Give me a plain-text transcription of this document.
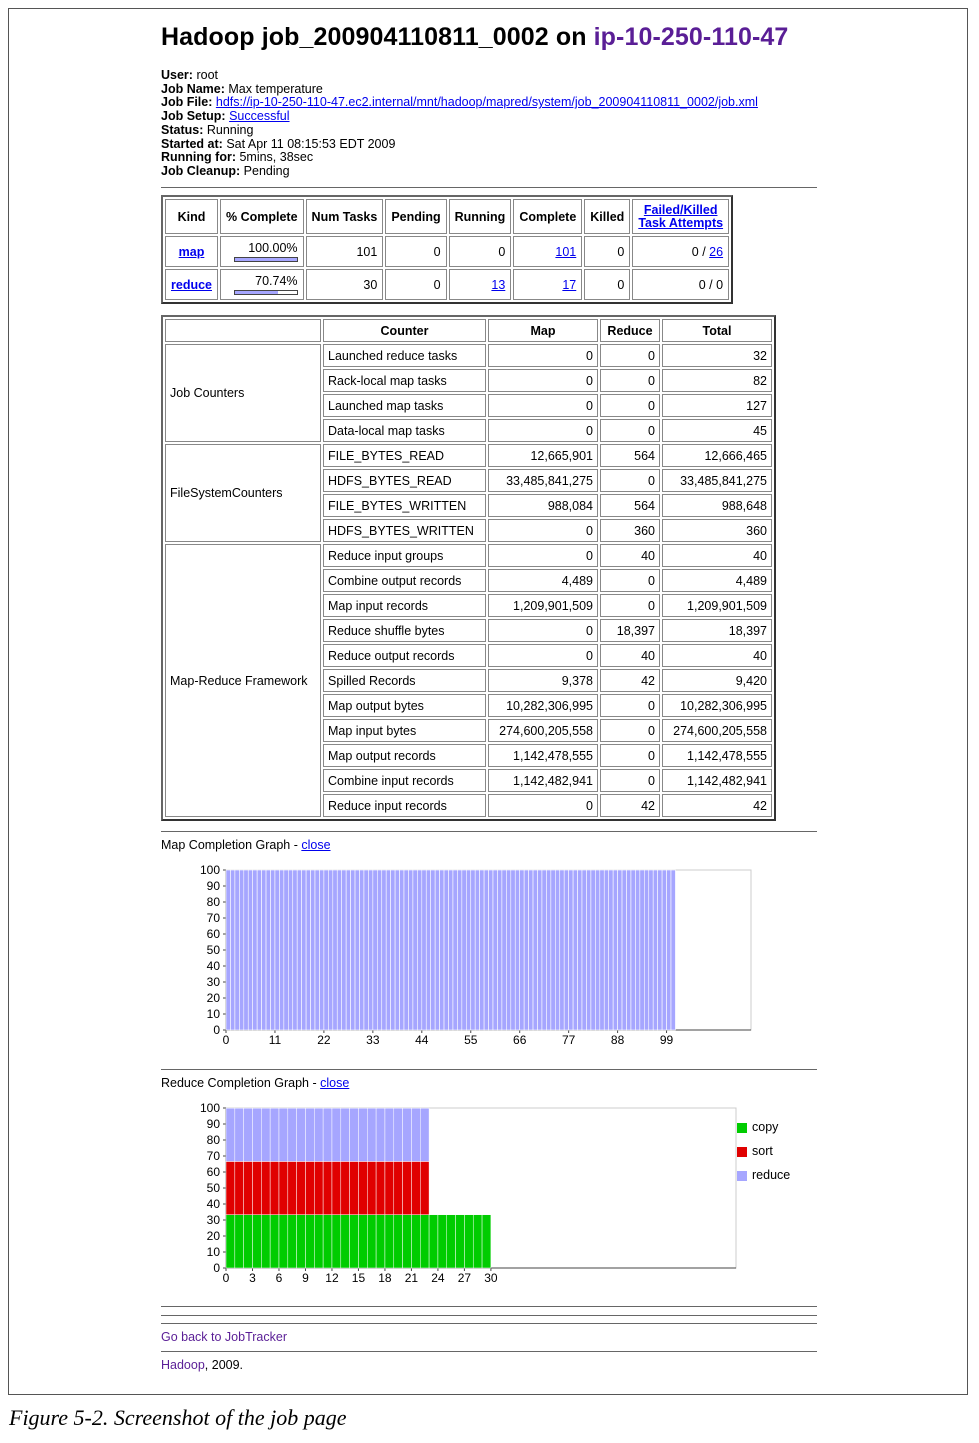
Hadoop job_200904110811_0002 on ip-10-250-110-47
User: root
Job Name: Max temperature
Job File: hdfs://ip-10-250-110-47.ec2.internal/mnt/hadoop/mapred/system/job_200904110811_0002/job.xml
Job Setup: Successful
Status: Running
Started at: Sat Apr 11 08:15:53 EDT 2009
Running for: 5mins, 38sec
Job Cleanup: Pending
Kind	% Complete	Num Tasks	Pending	Running	Complete	Killed	Failed/Killed
Task Attempts
map	100.00%	101	0	0	101	0	0 / 26
reduce	70.74%	30	0	13	17	0	0 / 0
	Counter	Map	Reduce	Total
Job Counters	Launched reduce tasks	0	0	32
	Rack-local map tasks	0	0	82
	Launched map tasks	0	0	127
	Data-local map tasks	0	0	45
FileSystemCounters	FILE_BYTES_READ	12,665,901	564	12,666,465
	HDFS_BYTES_READ	33,485,841,275	0	33,485,841,275
	FILE_BYTES_WRITTEN	988,084	564	988,648
	HDFS_BYTES_WRITTEN	0	360	360
Map-Reduce Framework	Reduce input groups	0	40	40
	Combine output records	4,489	0	4,489
	Map input records	1,209,901,509	0	1,209,901,509
	Reduce shuffle bytes	0	18,397	18,397
	Reduce output records	0	40	40
	Spilled Records	9,378	42	9,420
	Map output bytes	10,282,306,995	0	10,282,306,995
	Map input bytes	274,600,205,558	0	274,600,205,558
	Map output records	1,142,478,555	0	1,142,478,555
	Combine input records	1,142,482,941	0	1,142,482,941
	Reduce input records	0	42	42
Map Completion Graph - close
0
10
20
30
40
50
60
70
80
90
100
0	11	22	33	44	55	66	77	88	99
Reduce Completion Graph - close
0
10
20
30
40
50
60
70
80
90
100
0 3 6 9 12 15 18 21 24 27 30
copy
sort
reduce
Go back to JobTracker
Hadoop, 2009.
Figure 5-2. Screenshot of the job page
